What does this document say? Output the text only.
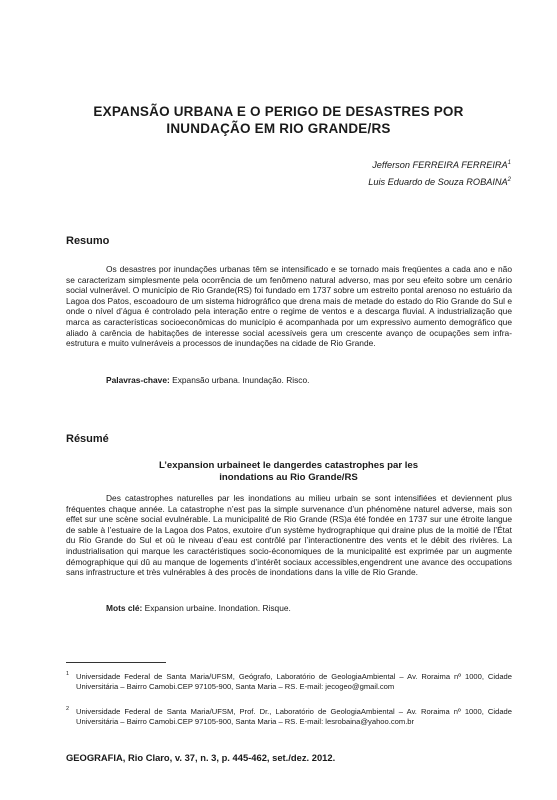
EXPANSÃO URBANA E O PERIGO DE DESASTRES POR
INUNDAÇÃO EM RIO GRANDE/RS
Jefferson FERREIRA FERREIRA$^1$
Luis Eduardo de Souza ROBAINA$^2$
Resumo

Os desastres por inundações urbanas têm se intensificado e se tornado mais freqüentes a cada ano e não se caracterizam simplesmente pela ocorrência de um fenômeno natural adverso, mas por seu efeito sobre um cenário social vulnerável. O município de Rio Grande(RS) foi fundado em 1737 sobre um estreito pontal arenoso no estuário da Lagoa dos Patos, escoadouro de um sistema hidrográfico que drena mais de metade do estado do Rio Grande do Sul e onde o nível d’água é controlado pela interação entre o regime de ventos e a descarga fluvial. A industrialização que marca as características socioeconômicas do município é acompanhada por um expressivo aumento demográfico que aliado à carência de habitações de interesse social acessíveis gera um crescente avanço de ocupações sem infra-estrutura e muito vulneráveis a processos de inundações na cidade de Rio Grande.

Palavras-chave: Expansão urbana. Inundação. Risco.
Résumé
L’expansion urbaineet le dangerdes catastrophes par les
inondations au Rio Grande/RS

Des catastrophes naturelles par les inondations au milieu urbain se sont intensifiées et deviennent plus fréquentes chaque année. La catastrophe n’est pas la simple survenance d’un phénomène naturel adverse, mais son effet sur une scène social evulnérable. La municipalité de Rio Grande (RS)a été fondée en 1737 sur une étroite langue de sable à l’estuaire de la Lagoa dos Patos, exutoire d’un système hydrographique qui draine plus de la moitié de l’État du Rio Grande do Sul et où le niveau d’eau est contrôlé par l’interactionentre des vents et le débit des rivières. La industrialisation qui marque les caractéristiques socio-économiques de la municipalité est exprimée par un augmente démographique qui dû au manque de logements d’intérêt sociaux accessibles,engendrent une avance des occupations sans infrastructure et très vulnérables à des procès de inondations dans la ville de Rio Grande.

Mots clé: Expansion urbaine. Inondation. Risque.
1 Universidade Federal de Santa Maria/UFSM, Geógrafo, Laboratório de GeologiaAmbiental – Av. Roraima nº 1000, Cidade Universitária – Bairro Camobi.CEP 97105-900, Santa Maria – RS. E-mail: jecogeo@gmail.com
2 Universidade Federal de Santa Maria/UFSM, Prof. Dr., Laboratório de GeologiaAmbiental – Av. Roraima nº 1000, Cidade Universitária – Bairro Camobi.CEP 97105-900, Santa Maria – RS. E-mail: lesrobaina@yahoo.com.br
GEOGRAFIA, Rio Claro, v. 37, n. 3, p. 445-462, set./dez. 2012.
